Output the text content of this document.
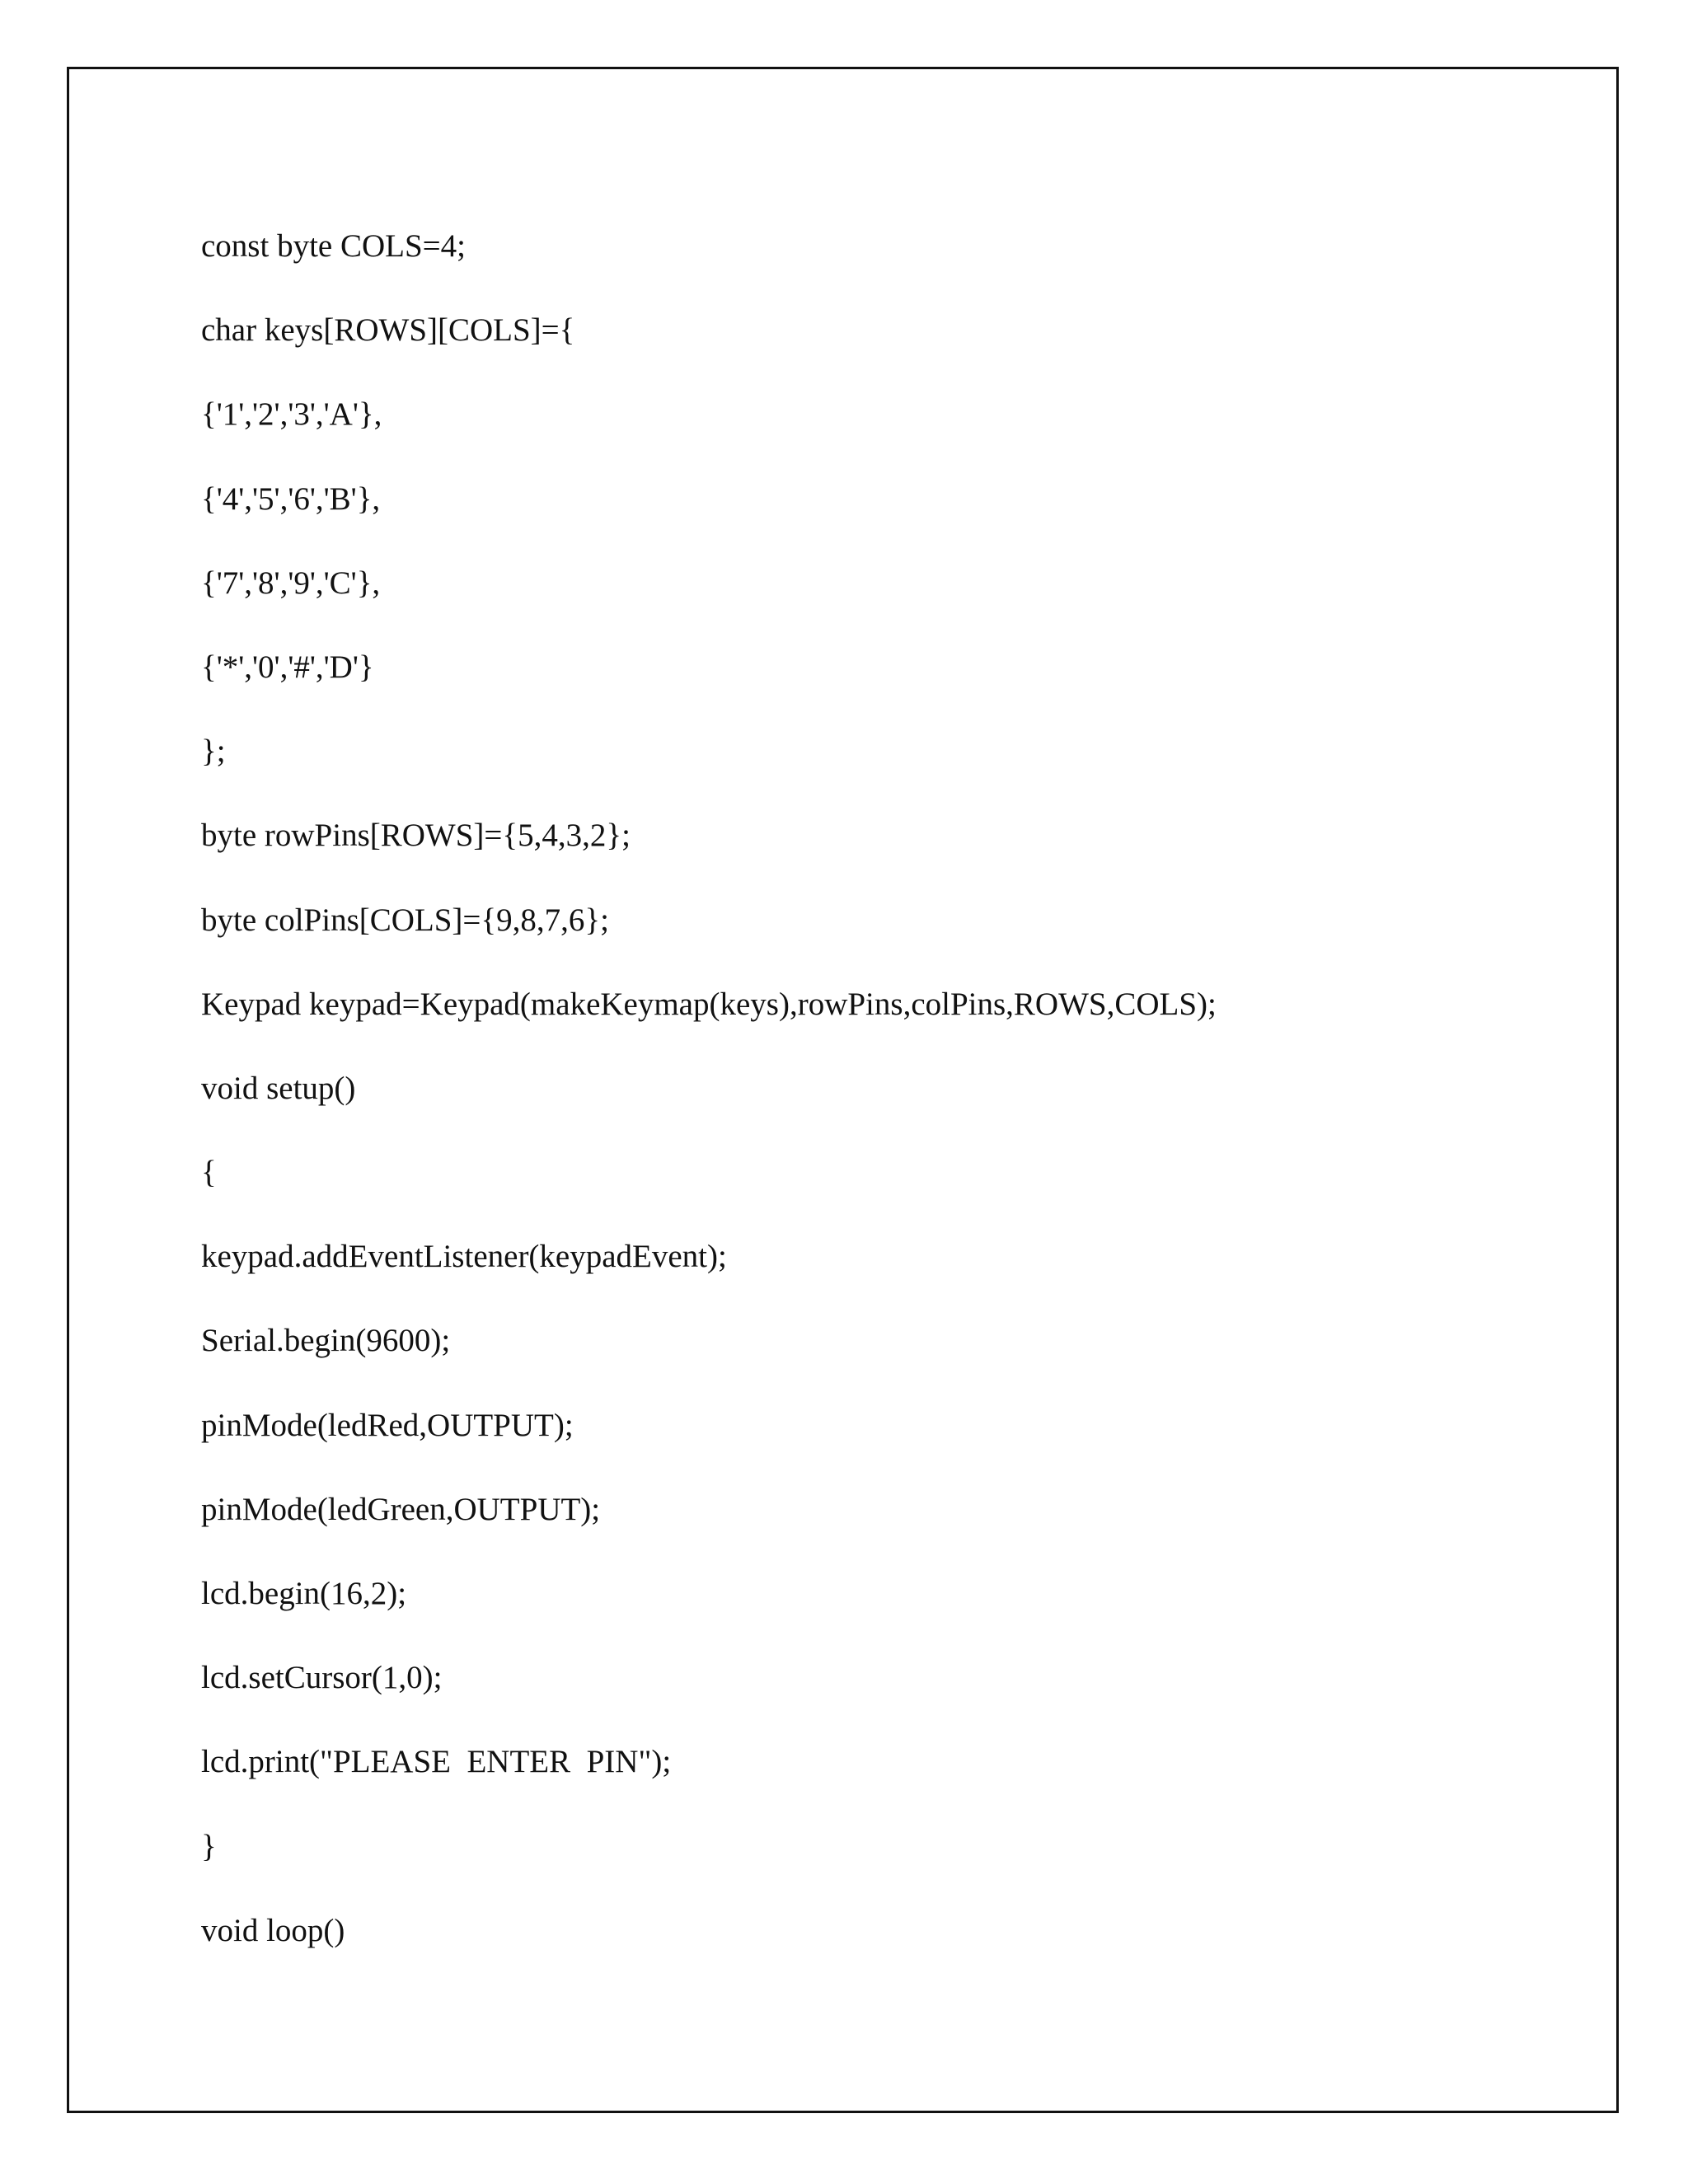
const byte COLS=4;
char keys[ROWS][COLS]={
{'1','2','3','A'},
{'4','5','6','B'},
{'7','8','9','C'},
{'*','0','#','D'}
};
byte rowPins[ROWS]={5,4,3,2};
byte colPins[COLS]={9,8,7,6};
Keypad keypad=Keypad(makeKeymap(keys),rowPins,colPins,ROWS,COLS);
void setup()
{
keypad.addEventListener(keypadEvent);
Serial.begin(9600);
pinMode(ledRed,OUTPUT);
pinMode(ledGreen,OUTPUT);
lcd.begin(16,2);
lcd.setCursor(1,0);
lcd.print("PLEASE  ENTER  PIN");
}
void loop()
